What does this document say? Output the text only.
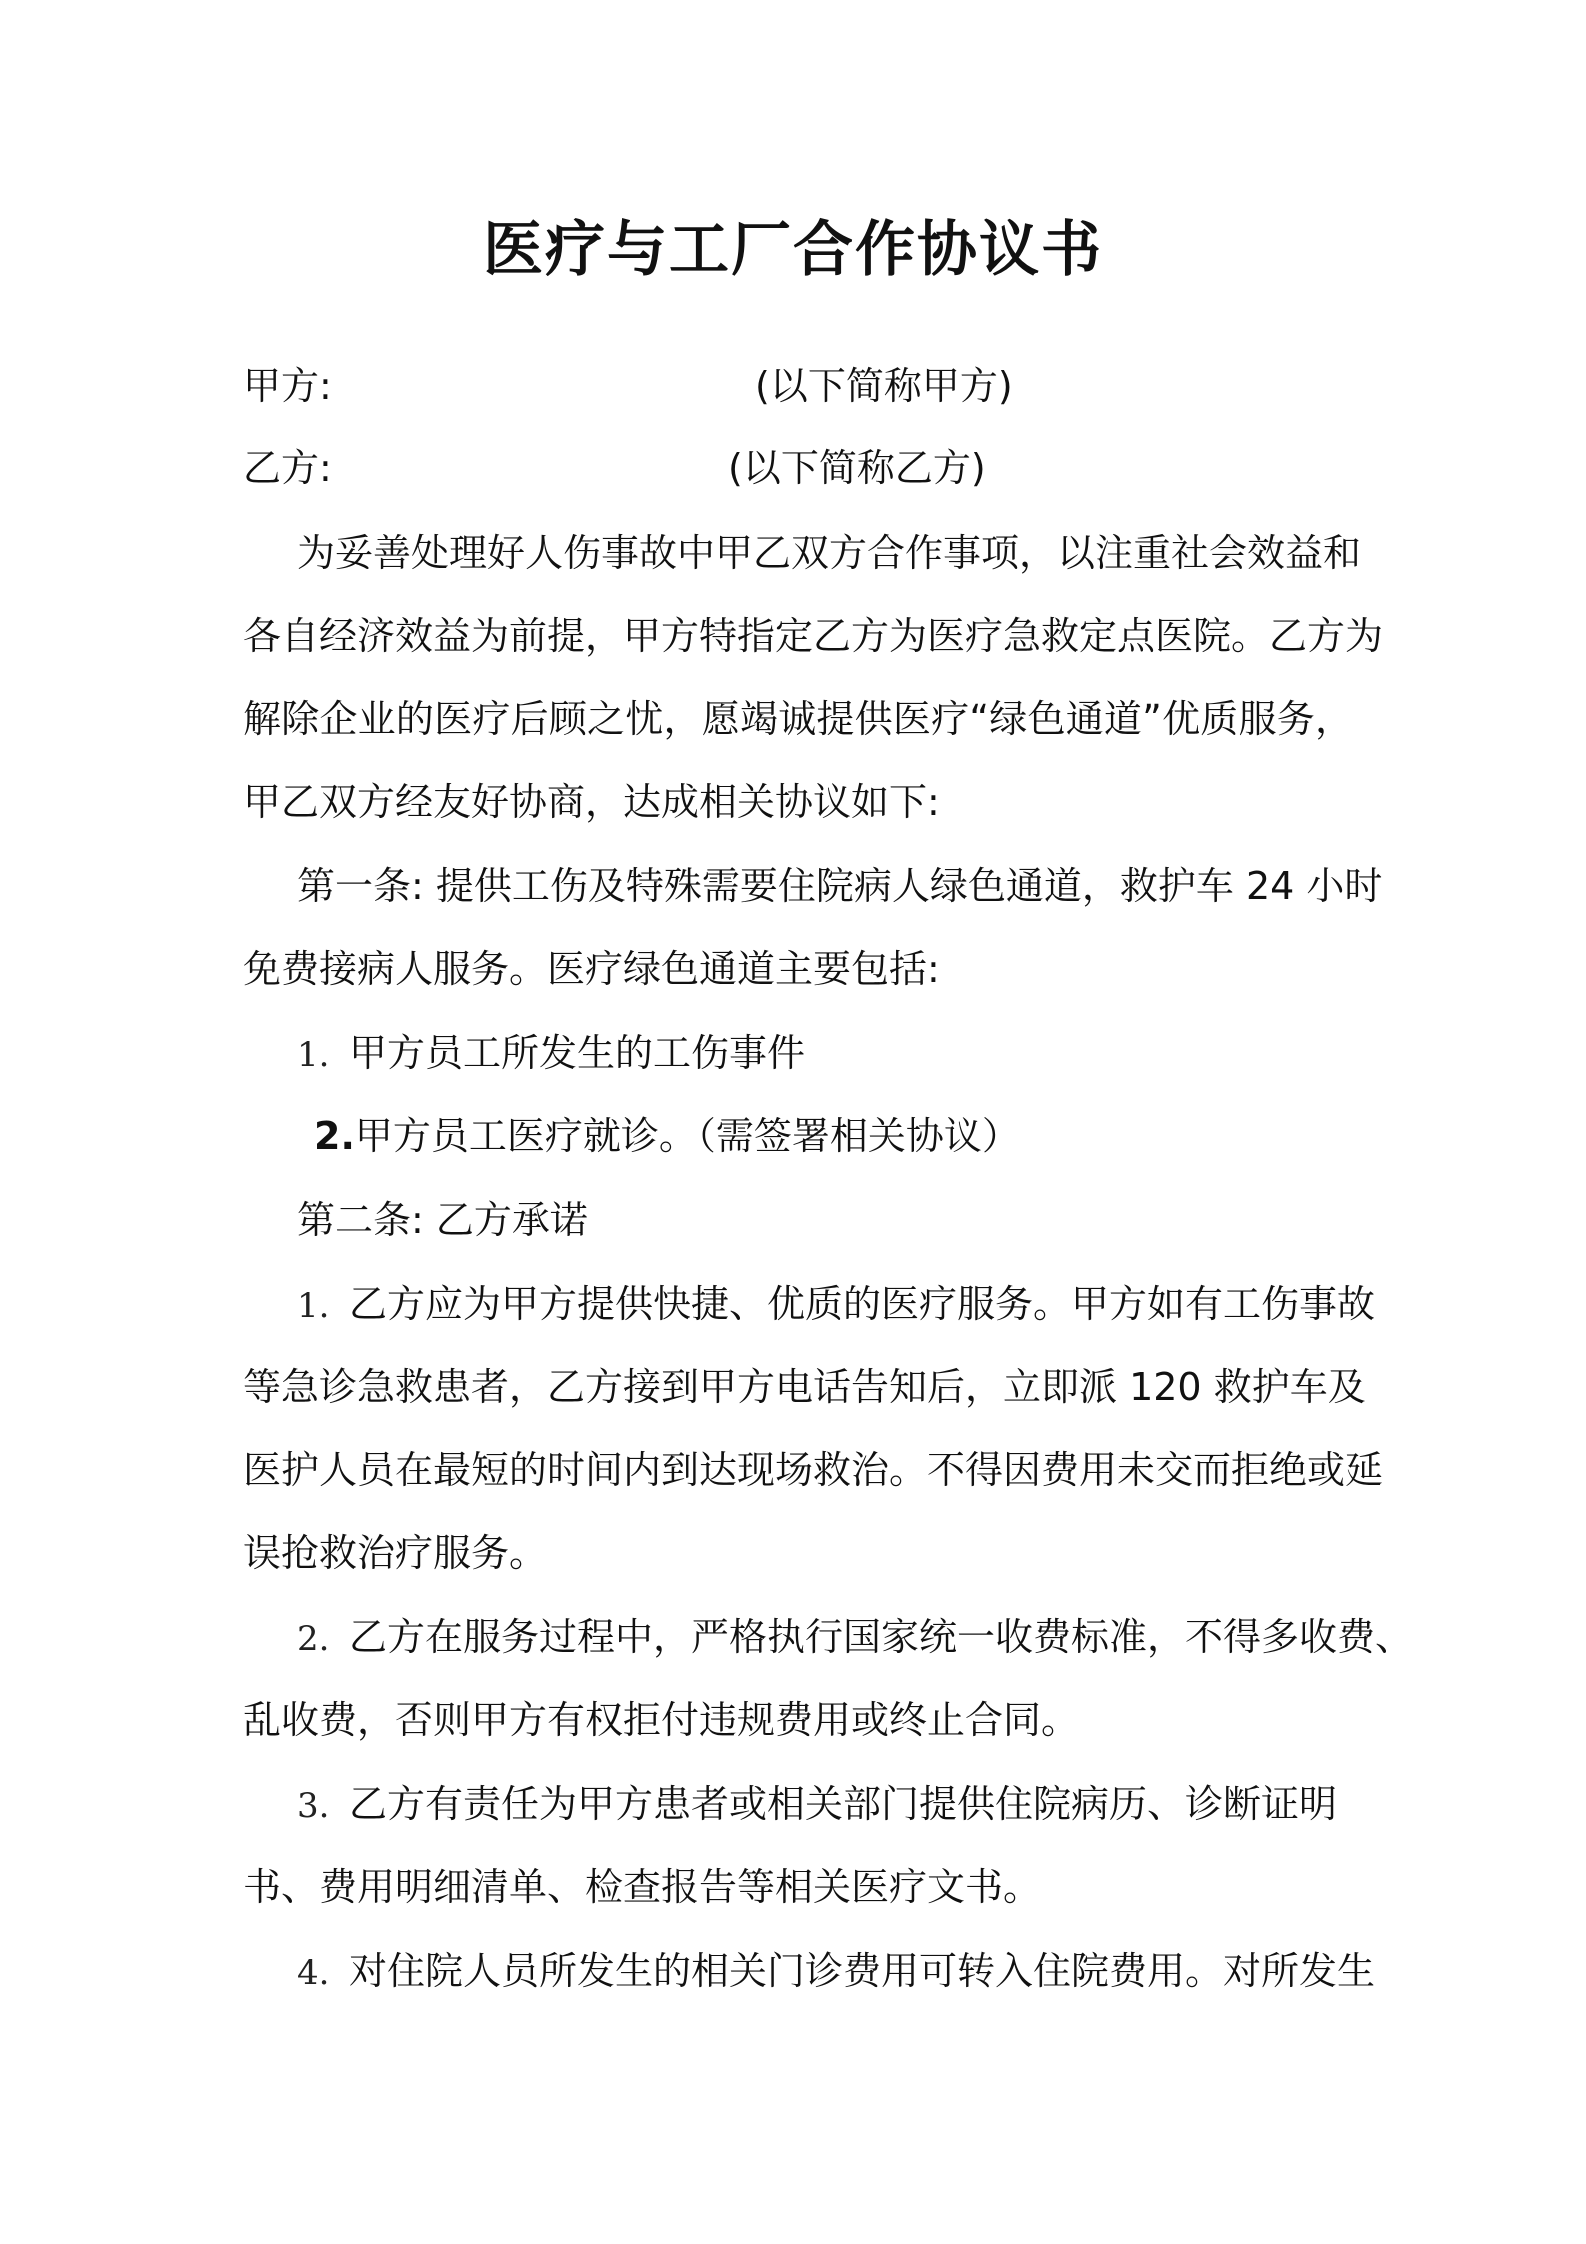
医疗与工厂合作协议书
甲方:	(以下简称甲方)
乙方:	(以下简称乙方)
为妥善处理好人伤事故中甲乙双方合作事项，以注重社会效益和
各自经济效益为前提，甲方特指定乙方为医疗急救定点医院。乙方为
解除企业的医疗后顾之忧，愿竭诚提供医疗“绿色通道”优质服务，
甲乙双方经友好协商，达成相关协议如下:
第一条: 提供工伤及特殊需要住院病人绿色通道，救护车 24 小时
免费接病人服务。医疗绿色通道主要包括:
1. 甲方员工所发生的工伤事件
2.甲方员工医疗就诊。（需签署相关协议）
第二条: 乙方承诺
1. 乙方应为甲方提供快捷、优质的医疗服务。甲方如有工伤事故
等急诊急救患者，乙方接到甲方电话告知后，立即派 120 救护车及
医护人员在最短的时间内到达现场救治。不得因费用未交而拒绝或延
误抢救治疗服务。
2. 乙方在服务过程中，严格执行国家统一收费标准，不得多收费、
乱收费，否则甲方有权拒付违规费用或终止合同。
3. 乙方有责任为甲方患者或相关部门提供住院病历、诊断证明
书、费用明细清单、检查报告等相关医疗文书。
4. 对住院人员所发生的相关门诊费用可转入住院费用。对所发生
